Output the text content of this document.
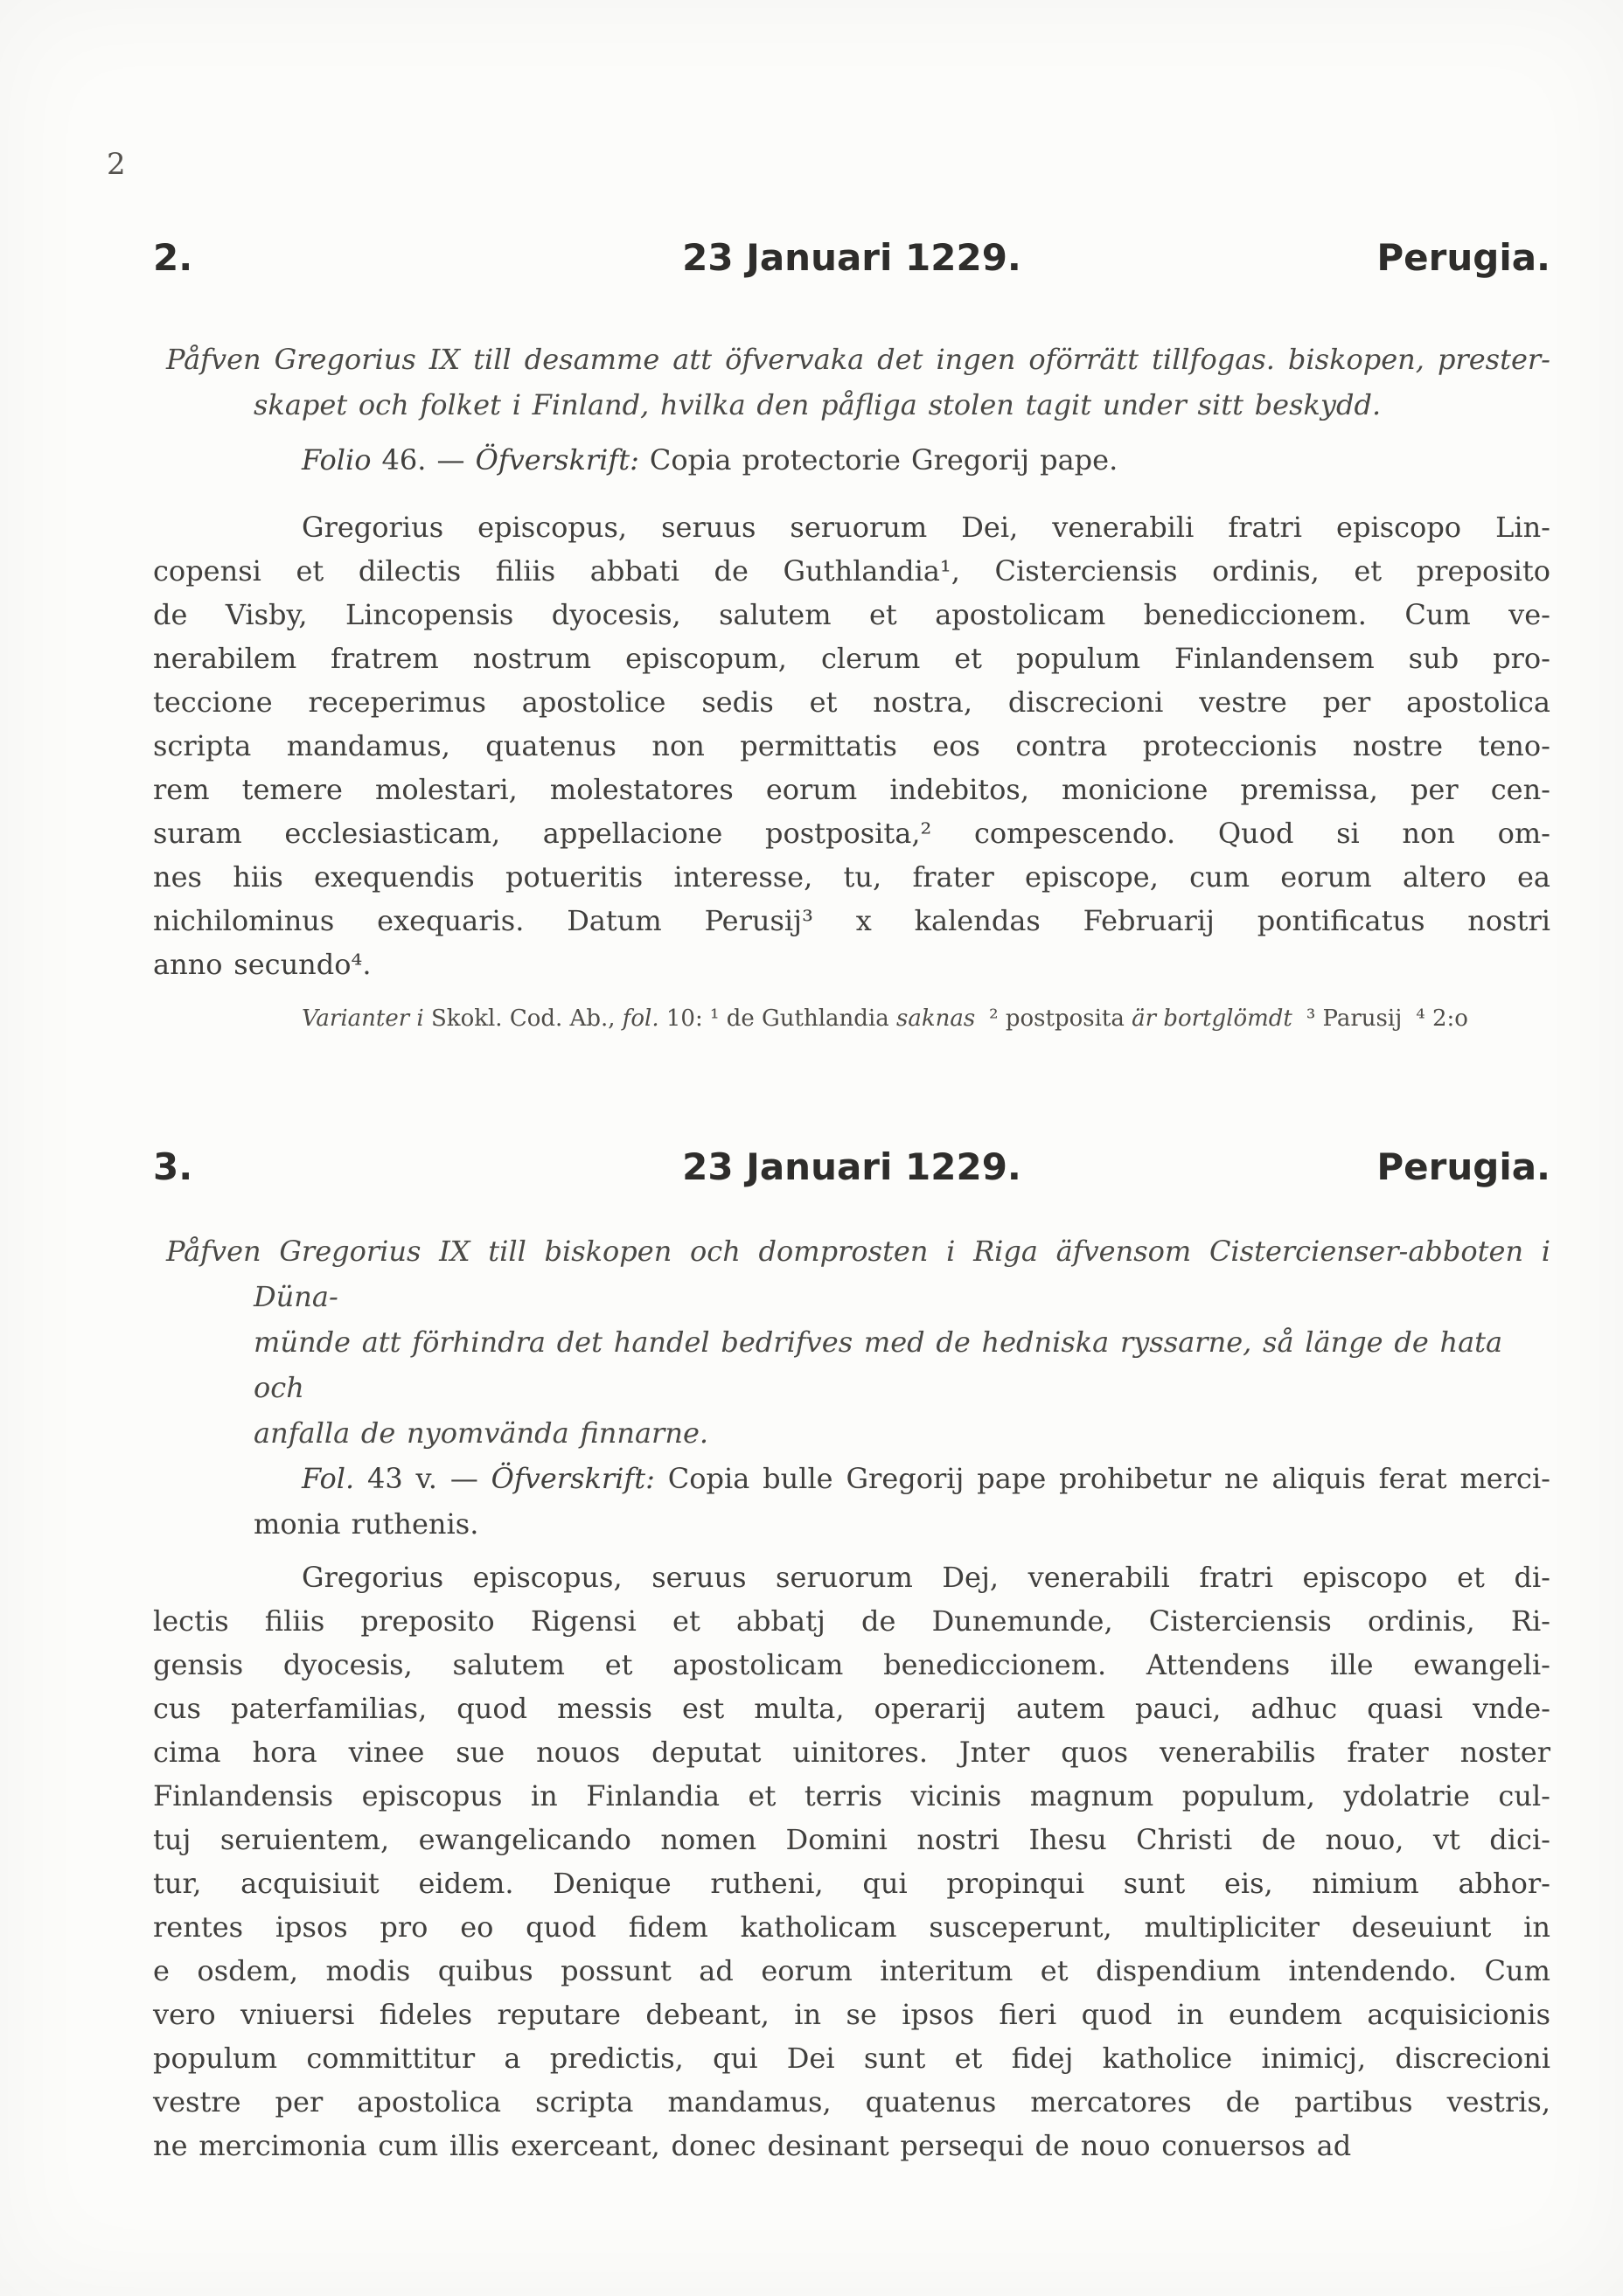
2
2.	23 Januari 1229.	Perugia.
Påfven Gregorius IX till desamme att öfvervaka det ingen oförrätt tillfogas. biskopen, prester-
skapet och folket i Finland, hvilka den påfliga stolen tagit under sitt beskydd.
Folio 46. — Öfverskrift: Copia protectorie Gregorij pape.
Gregorius episcopus, seruus seruorum Dei, venerabili fratri episcopo Lin-
copensi et dilectis filiis abbati de Guthlandia¹, Cisterciensis ordinis, et preposito
de Visby, Lincopensis dyocesis, salutem et apostolicam benediccionem. Cum ve-
nerabilem fratrem nostrum episcopum, clerum et populum Finlandensem sub pro-
teccione receperimus apostolice sedis et nostra, discrecioni vestre per apostolica
scripta mandamus, quatenus non permittatis eos contra proteccionis nostre teno-
rem temere molestari, molestatores eorum indebitos, monicione premissa, per cen-
suram ecclesiasticam, appellacione postposita,² compescendo. Quod si non om-
nes hiis exequendis potueritis interesse, tu, frater episcope, cum eorum altero ea
nichilominus exequaris. Datum Perusij³ x kalendas Februarij pontificatus nostri
anno secundo⁴.
Varianter i Skokl. Cod. Ab., fol. 10: ¹ de Guthlandia saknas ² postposita är bortglömdt ³ Parusij ⁴ 2:o
3.	23 Januari 1229.	Perugia.
Påfven Gregorius IX till biskopen och domprosten i Riga äfvensom Cistercienser-abboten i Düna-
münde att förhindra det handel bedrifves med de hedniska ryssarne, så länge de hata och
anfalla de nyomvända finnarne.
Fol. 43 v. — Öfverskrift: Copia bulle Gregorij pape prohibetur ne aliquis ferat merci-
monia ruthenis.
Gregorius episcopus, seruus seruorum Dej, venerabili fratri episcopo et di-
lectis filiis preposito Rigensi et abbatj de Dunemunde, Cisterciensis ordinis, Ri-
gensis dyocesis, salutem et apostolicam benediccionem. Attendens ille ewangeli-
cus paterfamilias, quod messis est multa, operarij autem pauci, adhuc quasi vnde-
cima hora vinee sue nouos deputat uinitores. Jnter quos venerabilis frater noster
Finlandensis episcopus in Finlandia et terris vicinis magnum populum, ydolatrie cul-
tuj seruientem, ewangelicando nomen Domini nostri Ihesu Christi de nouo, vt dici-
tur, acquisiuit eidem. Denique rutheni, qui propinqui sunt eis, nimium abhor-
rentes ipsos pro eo quod fidem katholicam susceperunt, multipliciter deseuiunt in
e osdem, modis quibus possunt ad eorum interitum et dispendium intendendo. Cum
vero vniuersi fideles reputare debeant, in se ipsos fieri quod in eundem acquisicionis
populum committitur a predictis, qui Dei sunt et fidej katholice inimicj, discrecioni
vestre per apostolica scripta mandamus, quatenus mercatores de partibus vestris,
ne mercimonia cum illis exerceant, donec desinant persequi de nouo conuersos ad
